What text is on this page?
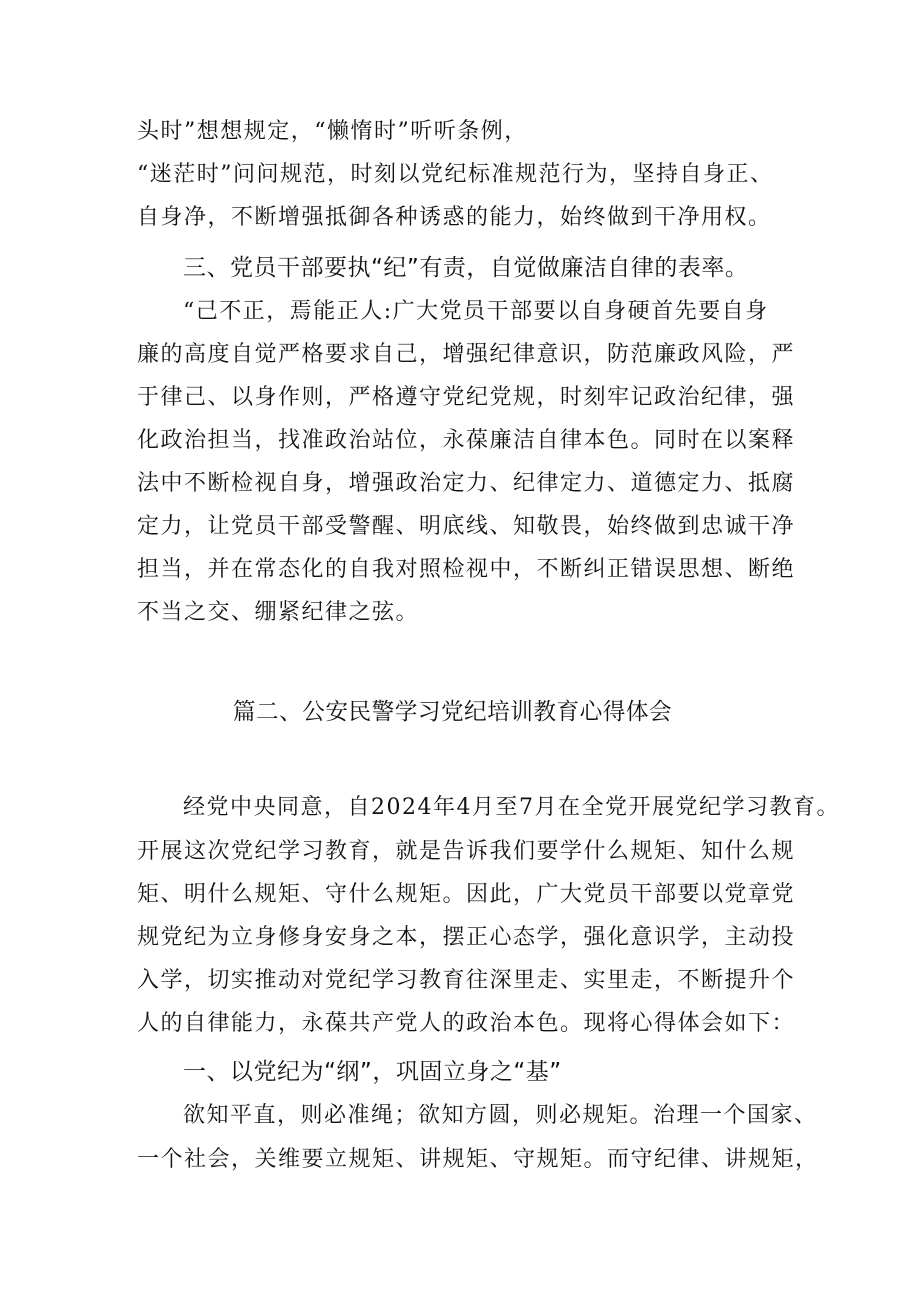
头时”想想规定，“懒惰时”听听条例，
“迷茫时”问问规范，时刻以党纪标准规范行为，坚持自身正、
自身净，不断增强抵御各种诱惑的能力，始终做到干净用权。
三、党员干部要执“纪”有责，自觉做廉洁自律的表率。
“己不正，焉能正人:广大党员干部要以自身硬首先要自身
廉的高度自觉严格要求自己，增强纪律意识，防范廉政风险，严
于律己、以身作则，严格遵守党纪党规，时刻牢记政治纪律，强
化政治担当，找准政治站位，永葆廉洁自律本色。同时在以案释
法中不断检视自身，增强政治定力、纪律定力、道德定力、抵腐
定力，让党员干部受警醒、明底线、知敬畏，始终做到忠诚干净
担当，并在常态化的自我对照检视中，不断纠正错误思想、断绝
不当之交、绷紧纪律之弦。
篇二、公安民警学习党纪培训教育心得体会
经党中央同意，自2024年4月至7月在全党开展党纪学习教育。
开展这次党纪学习教育，就是告诉我们要学什么规矩、知什么规
矩、明什么规矩、守什么规矩。因此，广大党员干部要以党章党
规党纪为立身修身安身之本，摆正心态学，强化意识学，主动投
入学，切实推动对党纪学习教育往深里走、实里走，不断提升个
人的自律能力，永葆共产党人的政治本色。现将心得体会如下：
一、以党纪为“纲”，巩固立身之“基”
欲知平直，则必准绳；欲知方圆，则必规矩。治理一个国家、
一个社会，关维要立规矩、讲规矩、守规矩。而守纪律、讲规矩，
